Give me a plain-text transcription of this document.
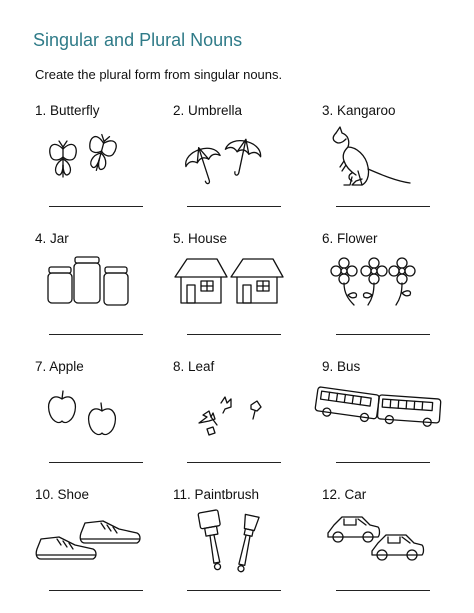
Singular and Plural Nouns
Create the plural form from singular nouns.
1. Butterfly	2. Umbrella	3. Kangaroo
4. Jar	5. House	6. Flower
7. Apple	8. Leaf	9. Bus
10. Shoe	11. Paintbrush	12. Car
